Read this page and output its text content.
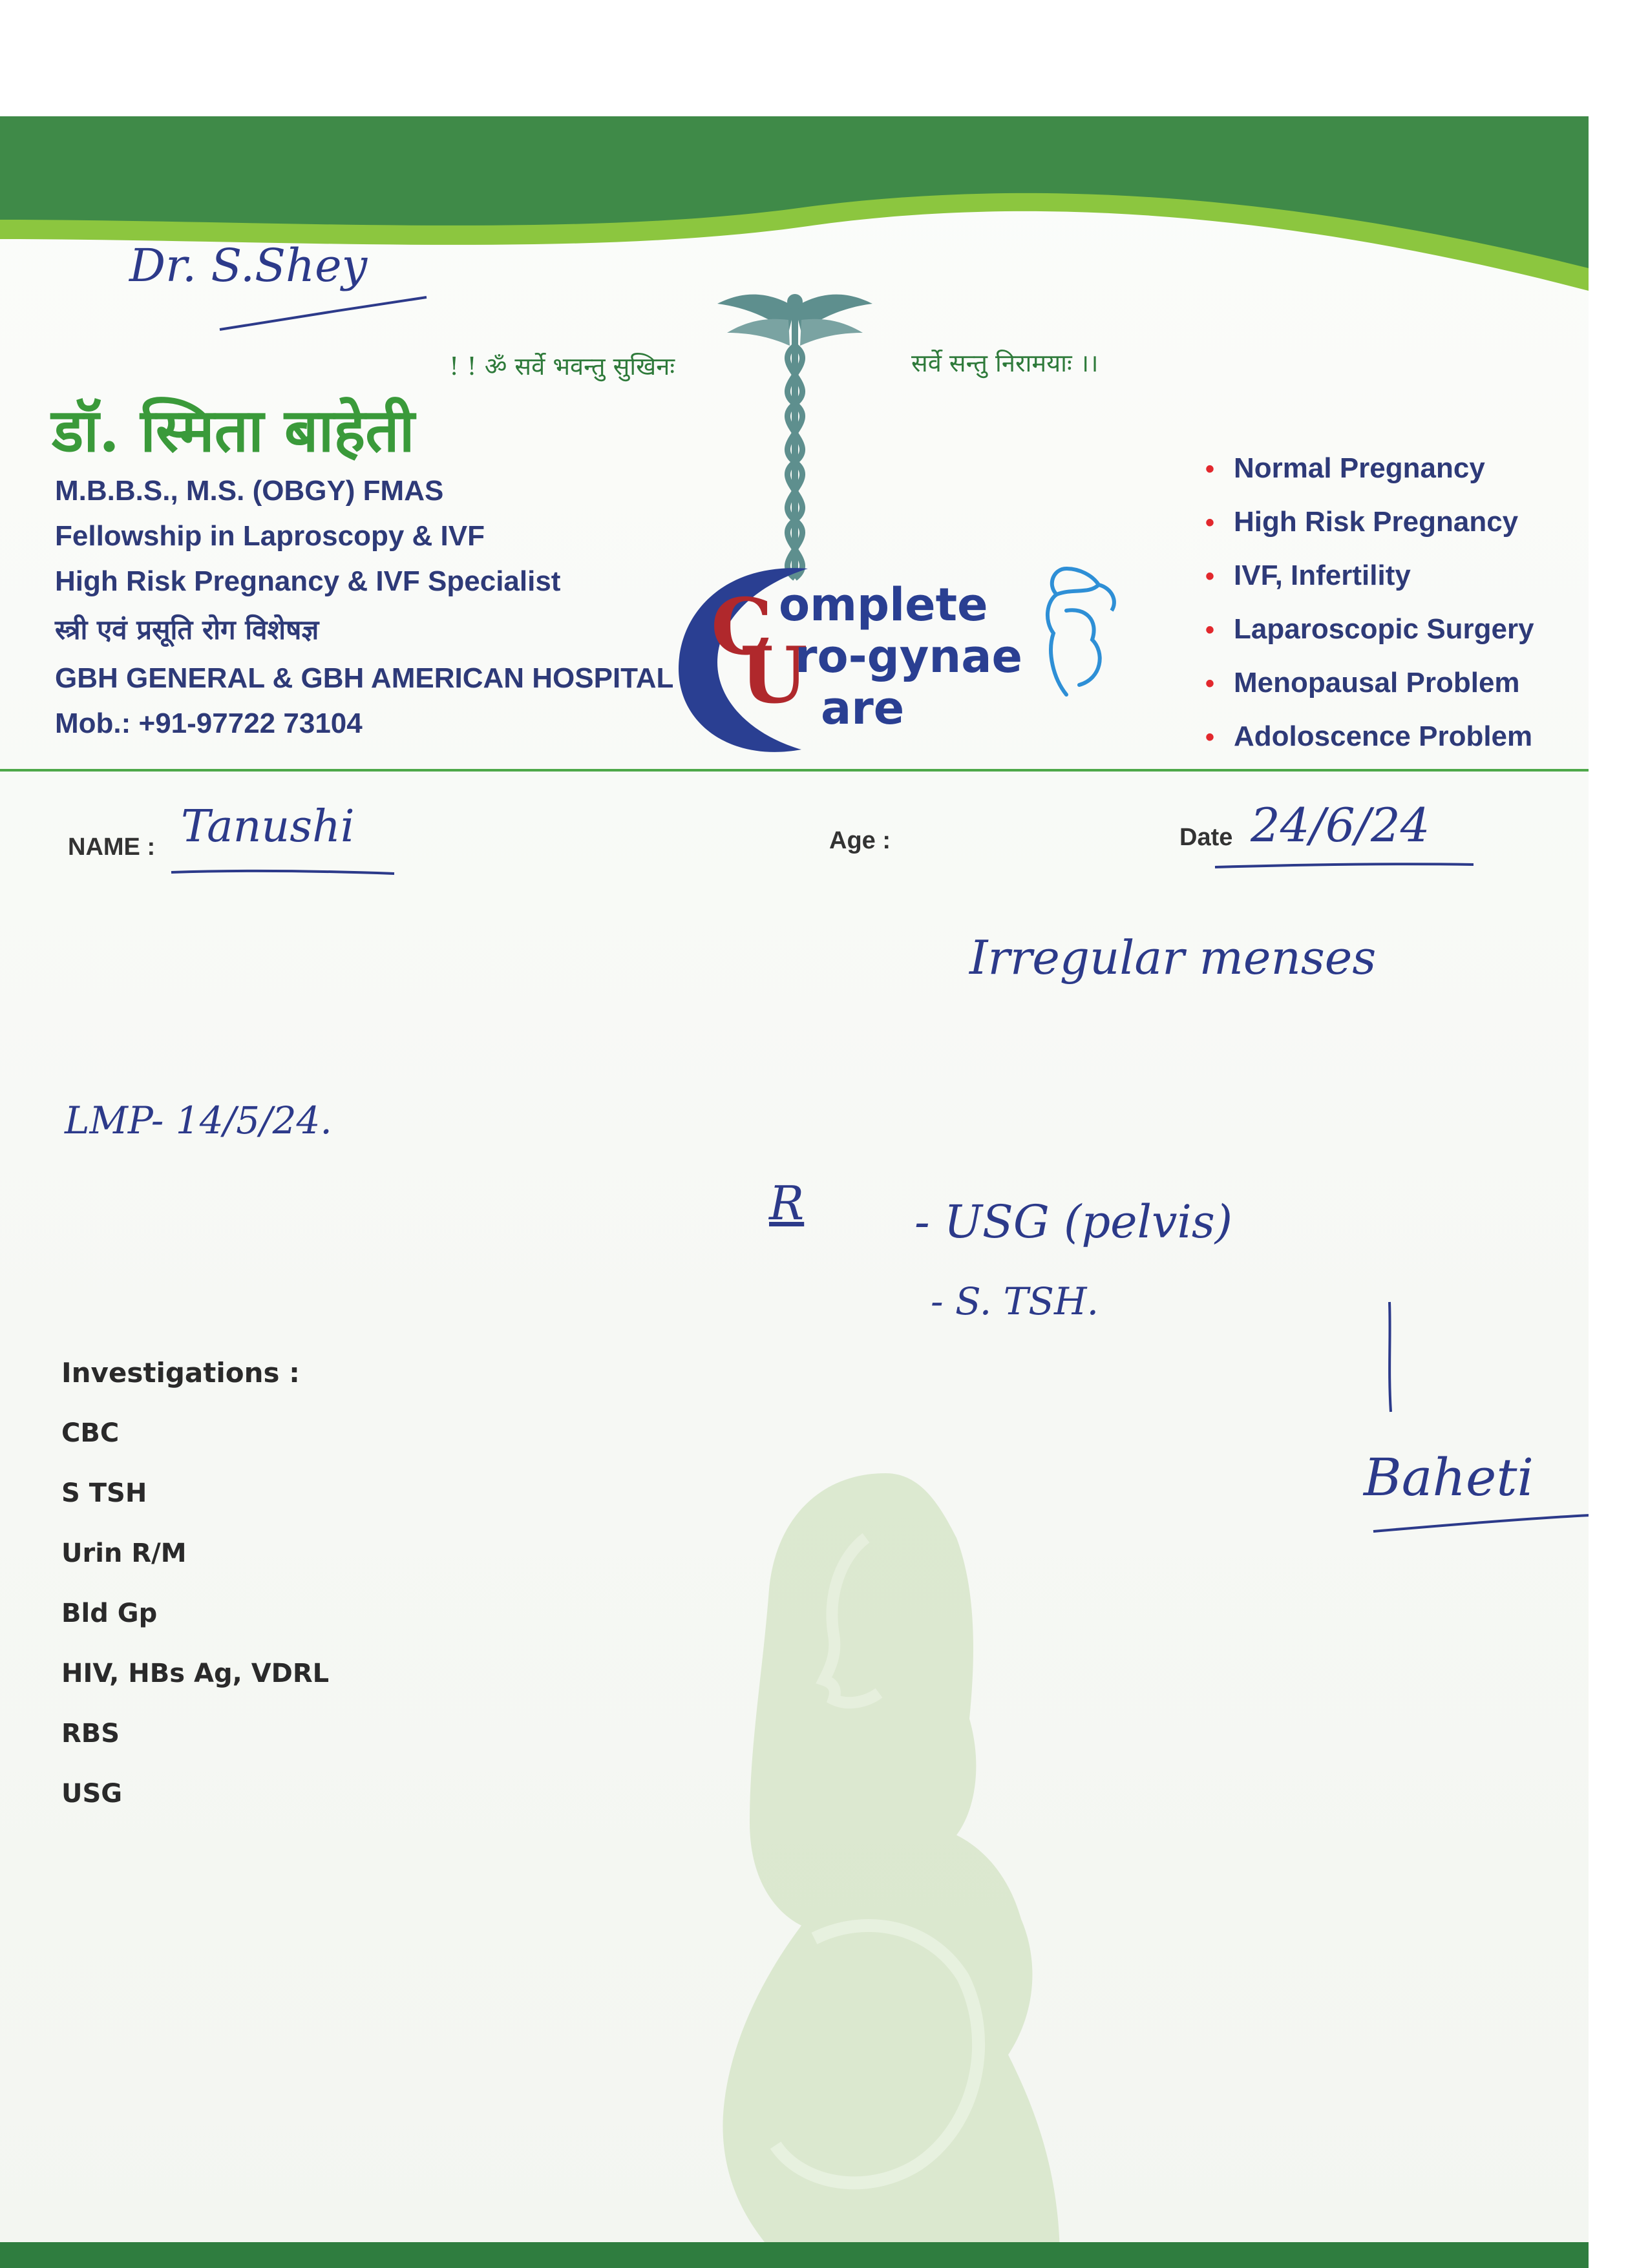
Dr. S.Shey
! ! ॐ सर्वे भवन्तु सुखिनः	सर्वे सन्तु निरामयाः ।।
डॉ. स्मिता बाहेती
M.B.B.S., M.S. (OBGY) FMAS
Fellowship in Laproscopy & IVF
High Risk Pregnancy & IVF Specialist
स्त्री एवं प्रसूति रोग विशेषज्ञ
GBH GENERAL & GBH AMERICAN HOSPITAL
Mob.: +91-97722 73104
C
U
omplete
ro-gynae
are
• Normal Pregnancy
• High Risk Pregnancy
• IVF, Infertility
• Laparoscopic Surgery
• Menopausal Problem
• Adoloscence Problem
NAME : Tanushi	Age :	Date 24/6/24
Irregular menses
LMP- 14/5/24.
R - USG (pelvis)
- S. TSH.
Investigations :
CBC
S TSH
Urin R/M
Bld Gp
HIV, HBs Ag, VDRL
RBS
USG
Baheti
